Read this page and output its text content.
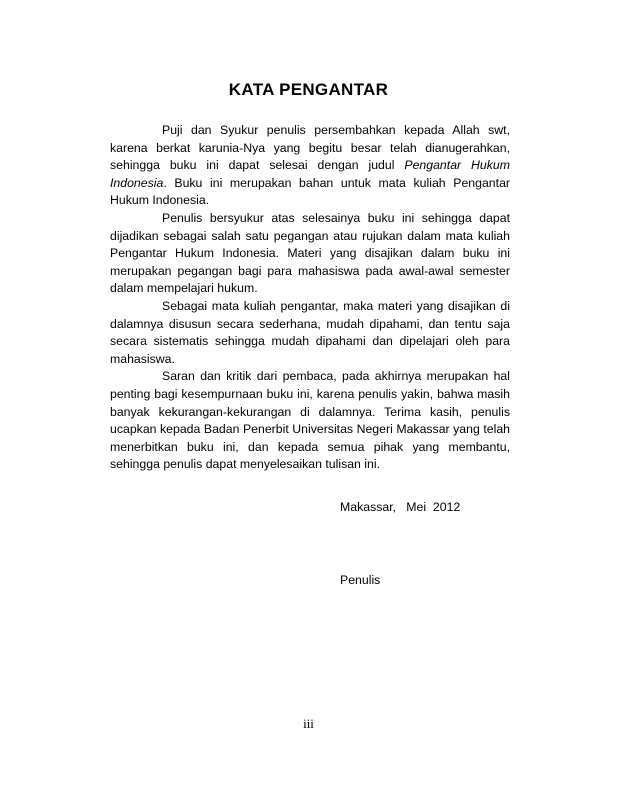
KATA PENGANTAR

Puji dan Syukur penulis persembahkan kepada Allah swt, karena berkat karunia-Nya yang begitu besar telah dianugerahkan, sehingga buku ini dapat selesai dengan judul Pengantar Hukum Indonesia. Buku ini merupakan bahan untuk mata kuliah Pengantar Hukum Indonesia.

Penulis bersyukur atas selesainya buku ini sehingga dapat dijadikan sebagai salah satu pegangan atau rujukan dalam mata kuliah Pengantar Hukum Indonesia. Materi yang disajikan dalam buku ini merupakan pegangan bagi para mahasiswa pada awal-awal semester dalam mempelajari hukum.

Sebagai mata kuliah pengantar, maka materi yang disajikan di dalamnya disusun secara sederhana, mudah dipahami, dan tentu saja secara sistematis sehingga mudah dipahami dan dipelajari oleh para mahasiswa.

Saran dan kritik dari pembaca, pada akhirnya merupakan hal penting bagi kesempurnaan buku ini, karena penulis yakin, bahwa masih banyak kekurangan-kekurangan di dalamnya. Terima kasih, penulis ucapkan kepada Badan Penerbit Universitas Negeri Makassar yang telah menerbitkan buku ini, dan kepada semua pihak yang membantu, sehingga penulis dapat menyelesaikan tulisan ini.

Makassar,   Mei  2012
Penulis
iii
